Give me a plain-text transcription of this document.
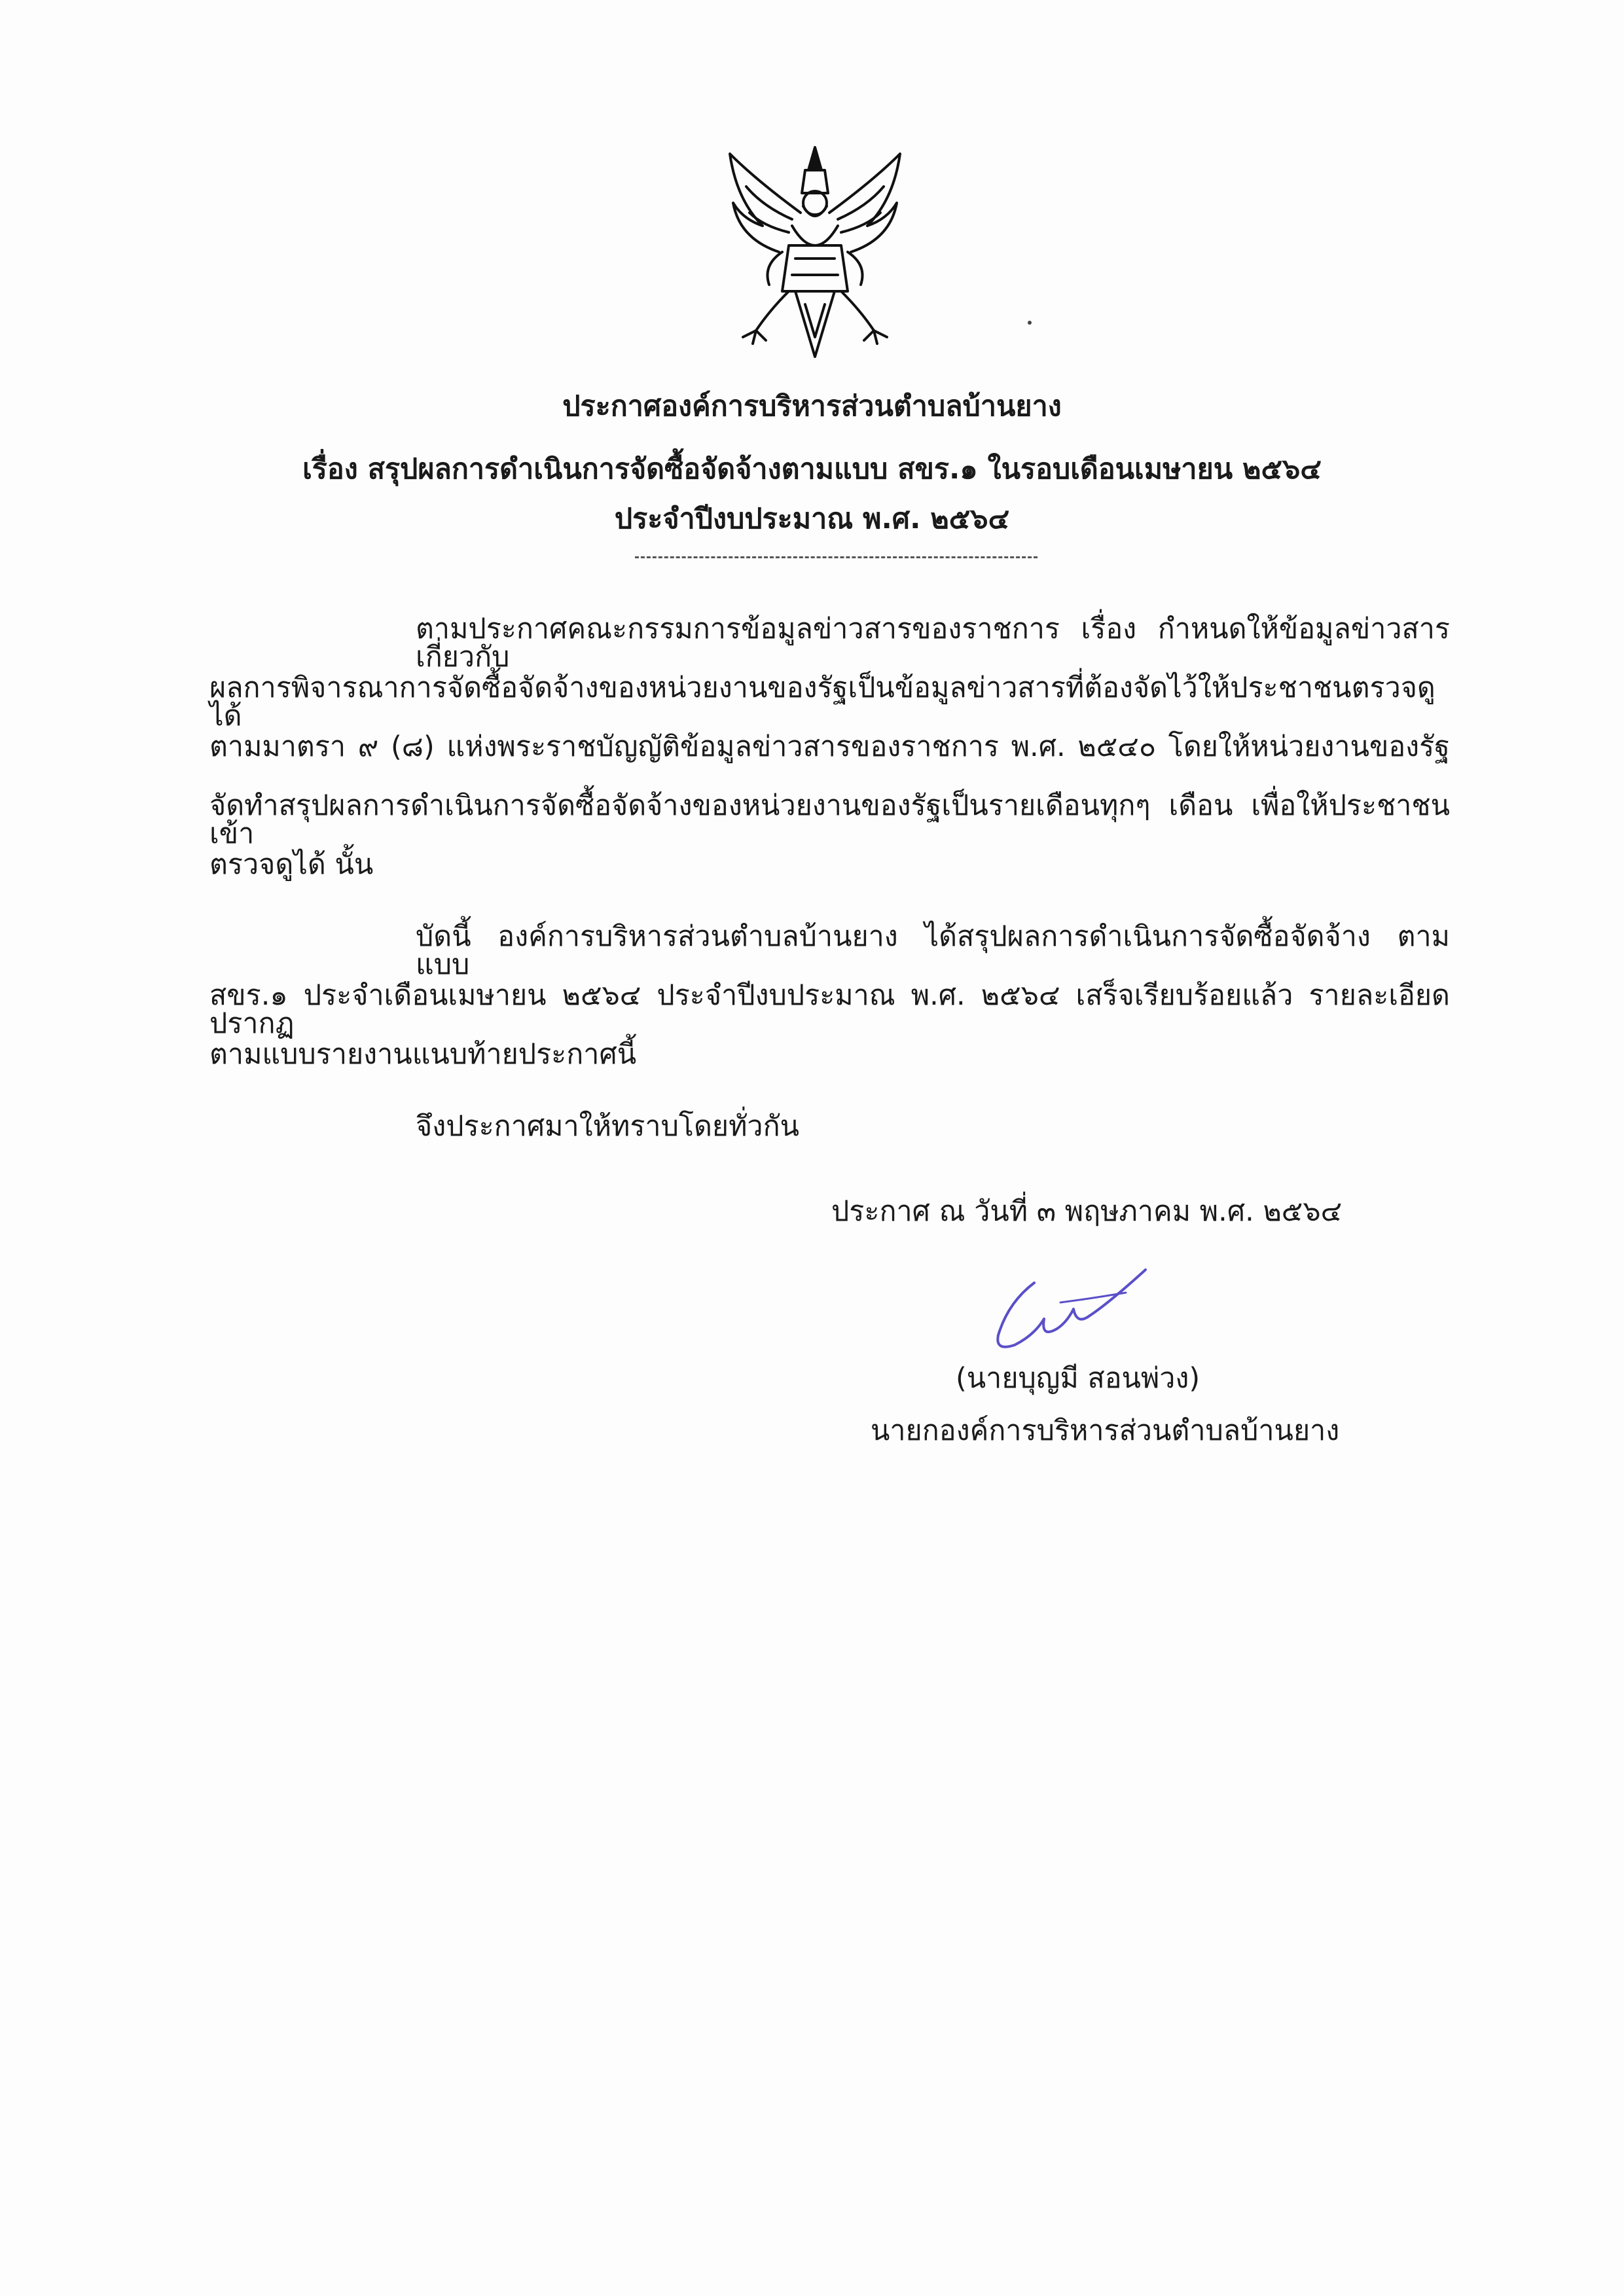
ประกาศองค์การบริหารส่วนตำบลบ้านยาง
เรื่อง สรุปผลการดำเนินการจัดซื้อจัดจ้างตามแบบ สขร.๑ ในรอบเดือนเมษายน ๒๕๖๔
ประจำปีงบประมาณ พ.ศ. ๒๕๖๔
ตามประกาศคณะกรรมการข้อมูลข่าวสารของราชการ เรื่อง กำหนดให้ข้อมูลข่าวสารเกี่ยวกับ
ผลการพิจารณาการจัดซื้อจัดจ้างของหน่วยงานของรัฐเป็นข้อมูลข่าวสารที่ต้องจัดไว้ให้ประชาชนตรวจดูได้
ตามมาตรา ๙ (๘) แห่งพระราชบัญญัติข้อมูลข่าวสารของราชการ พ.ศ. ๒๕๔๐ โดยให้หน่วยงานของรัฐ
จัดทำสรุปผลการดำเนินการจัดซื้อจัดจ้างของหน่วยงานของรัฐเป็นรายเดือนทุกๆ เดือน เพื่อให้ประชาชนเข้า
ตรวจดูได้ นั้น
บัดนี้ องค์การบริหารส่วนตำบลบ้านยาง ได้สรุปผลการดำเนินการจัดซื้อจัดจ้าง ตามแบบ
สขร.๑ ประจำเดือนเมษายน ๒๕๖๔ ประจำปีงบประมาณ พ.ศ. ๒๕๖๔ เสร็จเรียบร้อยแล้ว รายละเอียดปรากฏ
ตามแบบรายงานแนบท้ายประกาศนี้
จึงประกาศมาให้ทราบโดยทั่วกัน
ประกาศ ณ วันที่ ๓ พฤษภาคม พ.ศ. ๒๕๖๔
(นายบุญมี สอนพ่วง)
นายกองค์การบริหารส่วนตำบลบ้านยาง
